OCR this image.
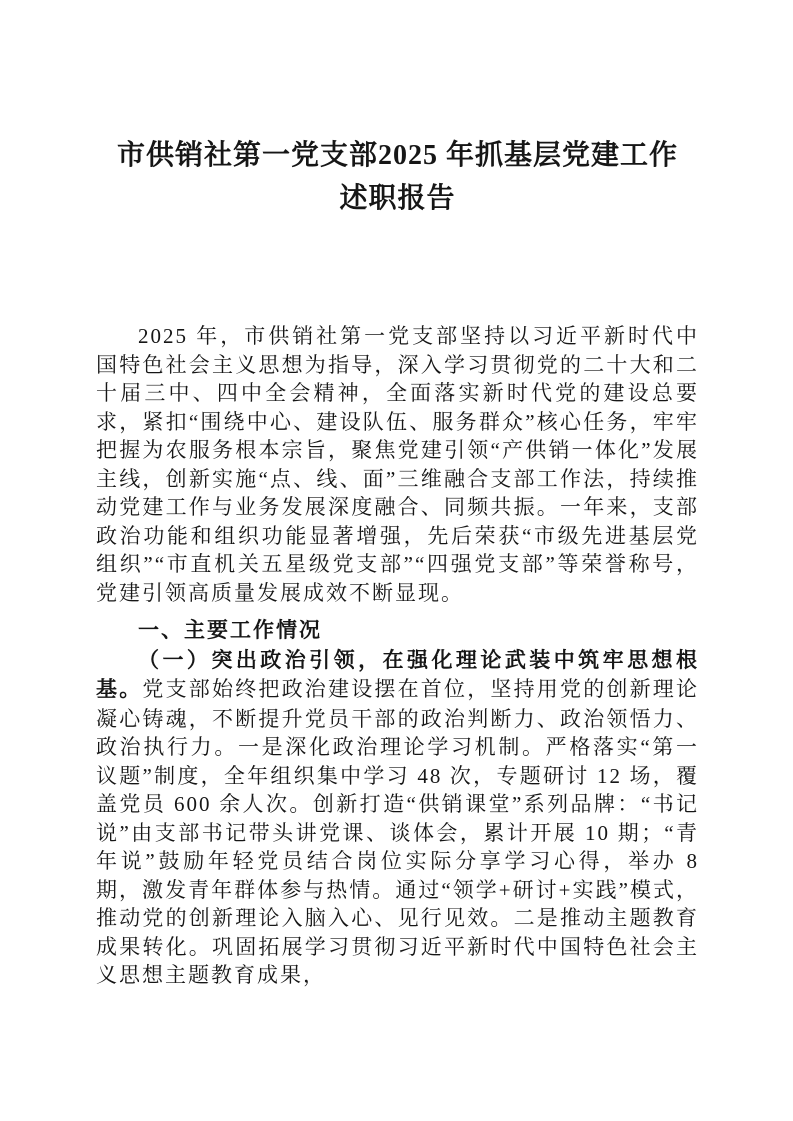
市供销社第一党支部2025 年抓基层党建工作
述职报告

2025 年，市供销社第一党支部坚持以习近平新时代中国特色社会主义思想为指导，深入学习贯彻党的二十大和二十届三中、四中全会精神，全面落实新时代党的建设总要求，紧扣“围绕中心、建设队伍、服务群众”核心任务，牢牢把握为农服务根本宗旨，聚焦党建引领“产供销一体化”发展主线，创新实施“点、线、面”三维融合支部工作法，持续推动党建工作与业务发展深度融合、同频共振。一年来，支部政治功能和组织功能显著增强，先后荣获“市级先进基层党组织”“市直机关五星级党支部”“四强党支部”等荣誉称号，党建引领高质量发展成效不断显现。

一、主要工作情况

（一）突出政治引领，在强化理论武装中筑牢思想根基。党支部始终把政治建设摆在首位，坚持用党的创新理论凝心铸魂，不断提升党员干部的政治判断力、政治领悟力、政治执行力。一是深化政治理论学习机制。严格落实“第一议题”制度，全年组织集中学习 48 次，专题研讨 12 场，覆盖党员 600 余人次。创新打造“供销课堂”系列品牌：“书记说”由支部书记带头讲党课、谈体会，累计开展 10 期；“青年说”鼓励年轻党员结合岗位实际分享学习心得，举办 8 期，激发青年群体参与热情。通过“领学+研讨+实践”模式，推动党的创新理论入脑入心、见行见效。二是推动主题教育成果转化。巩固拓展学习贯彻习近平新时代中国特色社会主义思想主题教育成果，
